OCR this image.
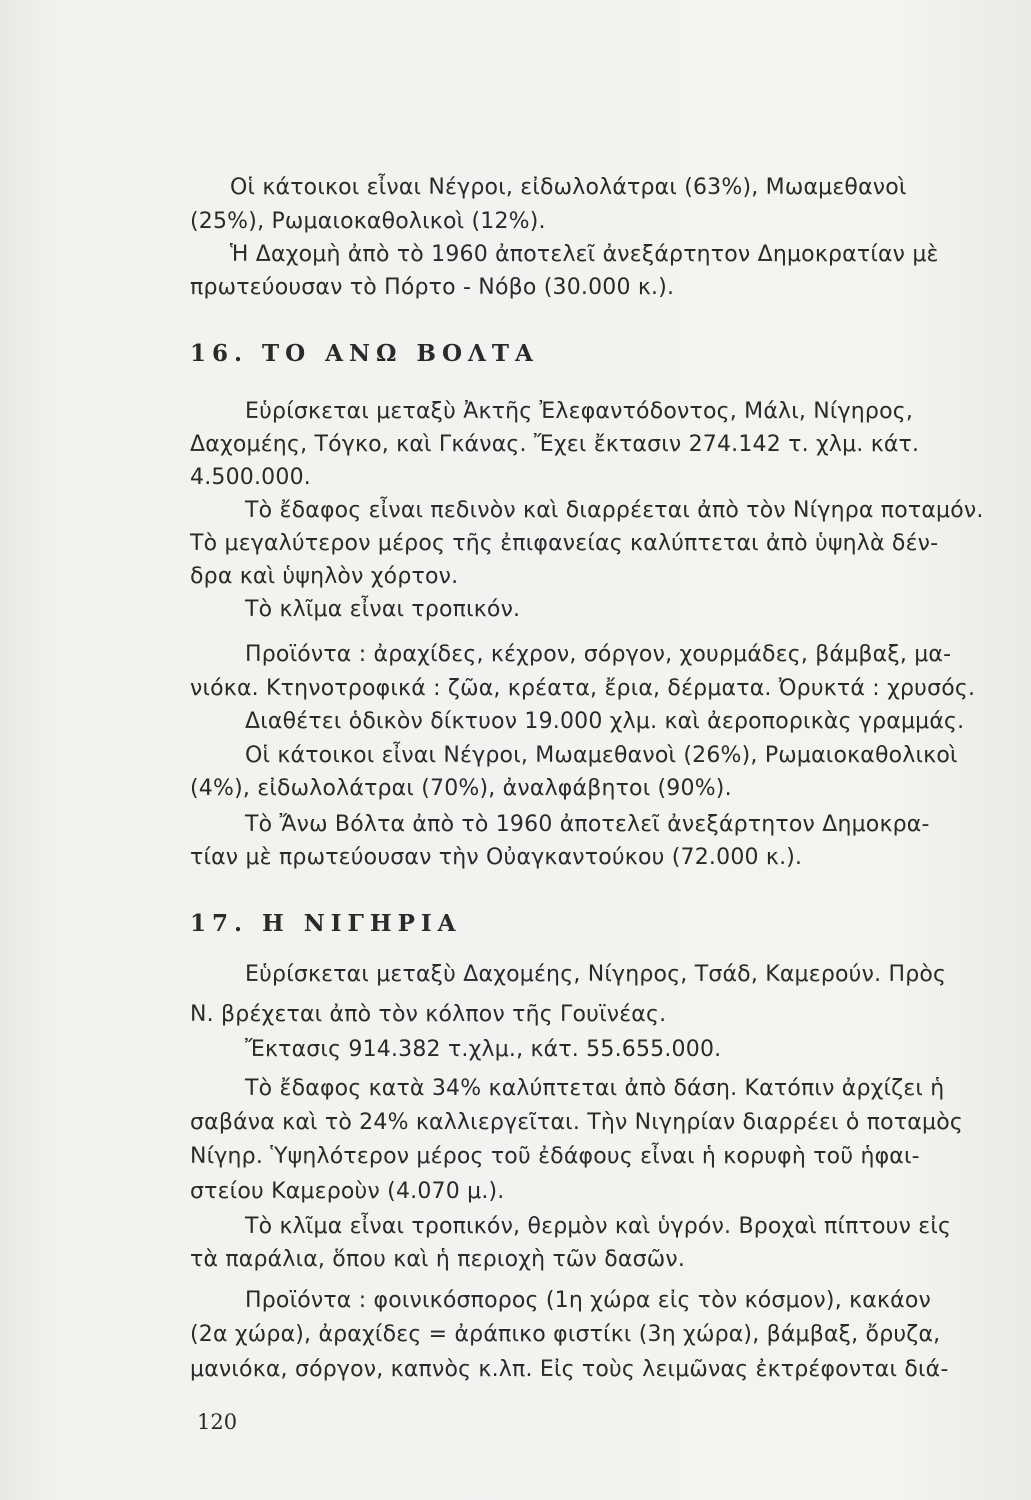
Οἱ κάτοικοι εἶναι Νέγροι, εἰδωλολάτραι (63%), Μωαμεθανοὶ
(25%), Ρωμαιοκαθολικοὶ (12%).
Ἡ Δαχομὴ ἀπὸ τὸ 1960 ἀποτελεῖ ἀνεξάρτητον Δημοκρατίαν μὲ
πρωτεύουσαν τὸ Πόρτο - Νόβο (30.000 κ.).
16. ΤΟ ΑΝΩ ΒΟΛΤΑ
Εὑρίσκεται μεταξὺ Ἀκτῆς Ἐλεφαντόδοντος, Μάλι, Νίγηρος,
Δαχομέης, Τόγκο, καὶ Γκάνας. Ἔχει ἔκτασιν 274.142 τ. χλμ. κάτ.
4.500.000.
Τὸ ἔδαφος εἶναι πεδινὸν καὶ διαρρέεται ἀπὸ τὸν Νίγηρα ποταμόν.
Τὸ μεγαλύτερον μέρος τῆς ἐπιφανείας καλύπτεται ἀπὸ ὑψηλὰ δέν-
δρα καὶ ὑψηλὸν χόρτον.
Τὸ κλῖμα εἶναι τροπικόν.
Προϊόντα : ἀραχίδες, κέχρον, σόργον, χουρμάδες, βάμβαξ, μα-
νιόκα. Κτηνοτροφικά : ζῶα, κρέατα, ἔρια, δέρματα. Ὀρυκτά : χρυσός.
Διαθέτει ὁδικὸν δίκτυον 19.000 χλμ. καὶ ἀεροπορικὰς γραμμάς.
Οἱ κάτοικοι εἶναι Νέγροι, Μωαμεθανοὶ (26%), Ρωμαιοκαθολικοὶ
(4%), εἰδωλολάτραι (70%), ἀναλφάβητοι (90%).
Τὸ Ἄνω Βόλτα ἀπὸ τὸ 1960 ἀποτελεῖ ἀνεξάρτητον Δημοκρα-
τίαν μὲ πρωτεύουσαν τὴν Οὐαγκαντούκου (72.000 κ.).
17. Η ΝΙΓΗΡΙΑ
Εὑρίσκεται μεταξὺ Δαχομέης, Νίγηρος, Τσάδ, Καμερούν. Πρὸς
Ν. βρέχεται ἀπὸ τὸν κόλπον τῆς Γουϊνέας.
Ἔκτασις 914.382 τ.χλμ., κάτ. 55.655.000.
Τὸ ἔδαφος κατὰ 34% καλύπτεται ἀπὸ δάση. Κατόπιν ἀρχίζει ἡ
σαβάνα καὶ τὸ 24% καλλιεργεῖται. Τὴν Νιγηρίαν διαρρέει ὁ ποταμὸς
Νίγηρ. Ὑψηλότερον μέρος τοῦ ἐδάφους εἶναι ἡ κορυφὴ τοῦ ἡφαι-
στείου Καμεροὺν (4.070 μ.).
Τὸ κλῖμα εἶναι τροπικόν, θερμὸν καὶ ὑγρόν. Βροχαὶ πίπτουν εἰς
τὰ παράλια, ὅπου καὶ ἡ περιοχὴ τῶν δασῶν.
Προϊόντα : φοινικόσπορος (1η χώρα εἰς τὸν κόσμον), κακάον
(2α χώρα), ἀραχίδες = ἀράπικο φιστίκι (3η χώρα), βάμβαξ, ὄρυζα,
μανιόκα, σόργον, καπνὸς κ.λπ. Εἰς τοὺς λειμῶνας ἐκτρέφονται διά-
120
